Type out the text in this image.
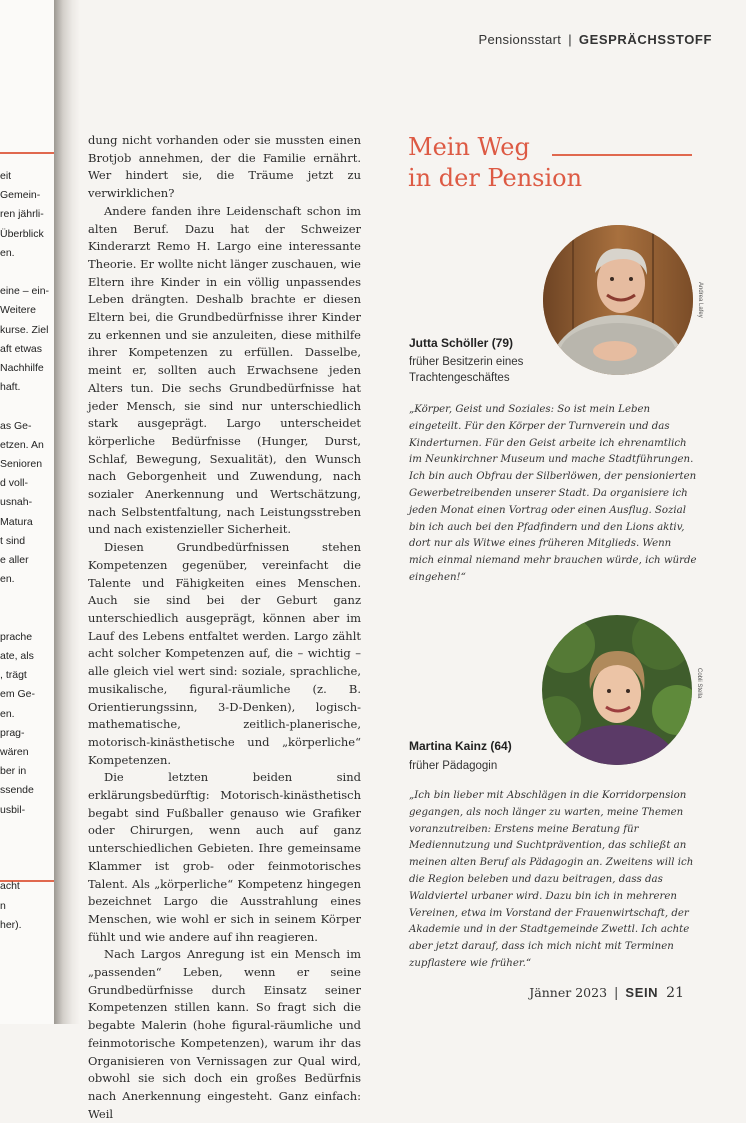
eit
Gemein-
ren jährli-
Überblick
en.
eine – ein-
Weitere
kurse. Ziel
aft etwas
Nachhilfe
haft.
as Ge-
etzen. An
Senioren
d voll-
usnah-
Matura
t sind
e aller
en.
prache
ate, als
, trägt
em Ge-
en.
prag-
wären
ber in
ssende
usbil-
acht
n
her).
Pensionsstart | GESPRÄCHSSTOFF

dung nicht vorhanden oder sie mussten einen Brotjob annehmen, der die Familie ernährt. Wer hindert sie, die Träume jetzt zu verwirklichen?

Andere fanden ihre Leidenschaft schon im alten Beruf. Dazu hat der Schweizer Kinderarzt Remo H. Largo eine interessante Theorie. Er wollte nicht länger zuschauen, wie Eltern ihre Kinder in ein völlig unpassendes Leben drängten. Deshalb brachte er diesen Eltern bei, die Grundbedürfnisse ihrer Kinder zu erkennen und sie anzuleiten, diese mithilfe ihrer Kompetenzen zu erfüllen. Dasselbe, meint er, sollten auch Erwachsene jeden Alters tun. Die sechs Grundbedürfnisse hat jeder Mensch, sie sind nur unterschiedlich stark ausgeprägt. Largo unterscheidet körperliche Bedürfnisse (Hunger, Durst, Schlaf, Bewegung, Sexualität), den Wunsch nach Geborgenheit und Zuwendung, nach sozialer Anerkennung und Wertschätzung, nach Selbstentfaltung, nach Leistungsstreben und nach existenzieller Sicherheit.

Diesen Grundbedürfnissen stehen Kompetenzen gegenüber, vereinfacht die Talente und Fähigkeiten eines Menschen. Auch sie sind bei der Geburt ganz unterschiedlich ausgeprägt, können aber im Lauf des Lebens entfaltet werden. Largo zählt acht solcher Kompetenzen auf, die – wichtig – alle gleich viel wert sind: soziale, sprachliche, musikalische, figural-räumliche (z. B. Orientierungssinn, 3-D-Denken), logisch-mathematische, zeitlich-planerische, motorisch-kinästhetische und „körperliche“ Kompetenzen.

Die letzten beiden sind erklärungsbedürftig: Motorisch-kinästhetisch begabt sind Fußballer genauso wie Grafiker oder Chirurgen, wenn auch auf ganz unterschiedlichen Gebieten. Ihre gemeinsame Klammer ist grob- oder feinmotorisches Talent. Als „körperliche“ Kompetenz hingegen bezeichnet Largo die Ausstrahlung eines Menschen, wie wohl er sich in seinem Körper fühlt und wie andere auf ihn reagieren.

Nach Largos Anregung ist ein Mensch im „passenden“ Leben, wenn er seine Grundbedürfnisse durch Einsatz seiner Kompetenzen stillen kann. So fragt sich die begabte Malerin (hohe figural-räumliche und feinmotorische Kompetenzen), warum ihr das Organisieren von Vernissagen zur Qual wird, obwohl sie sich doch ein großes Bedürfnis nach Anerkennung eingesteht. Ganz einfach: Weil

Mein Weg
in der Pension
Andrea Lafey
Jutta Schöller (79)
früher Besitzerin eines Trachtengeschäftes
„Körper, Geist und Soziales: So ist mein Leben eingeteilt. Für den Körper der Turnverein und das Kinderturnen. Für den Geist arbeite ich ehrenamtlich im Neunkirchner Museum und mache Stadtführungen. Ich bin auch Obfrau der Silberlöwen, der pensionierten Gewerbetreibenden unserer Stadt. Da organisiere ich jeden Monat einen Vortrag oder einen Ausflug. Sozial bin ich auch bei den Pfadfindern und den Lions aktiv, dort nur als Witwe eines früheren Mitglieds. Wenn mich einmal niemand mehr brauchen würde, ich würde eingehen!“
Cobli Stella
Martina Kainz (64)
früher Pädagogin
„Ich bin lieber mit Abschlägen in die Korridorpension gegangen, als noch länger zu warten, meine Themen voranzutreiben: Erstens meine Beratung für Mediennutzung und Suchtprävention, das schließt an meinen alten Beruf als Pädagogin an. Zweitens will ich die Region beleben und dazu beitragen, dass das Waldviertel urbaner wird. Dazu bin ich in mehreren Vereinen, etwa im Vorstand der Frauenwirtschaft, der Akademie und in der Stadtgemeinde Zwettl. Ich achte aber jetzt darauf, dass ich mich nicht mit Terminen zupflastere wie früher.“
Jänner 2023 | SEIN 21
